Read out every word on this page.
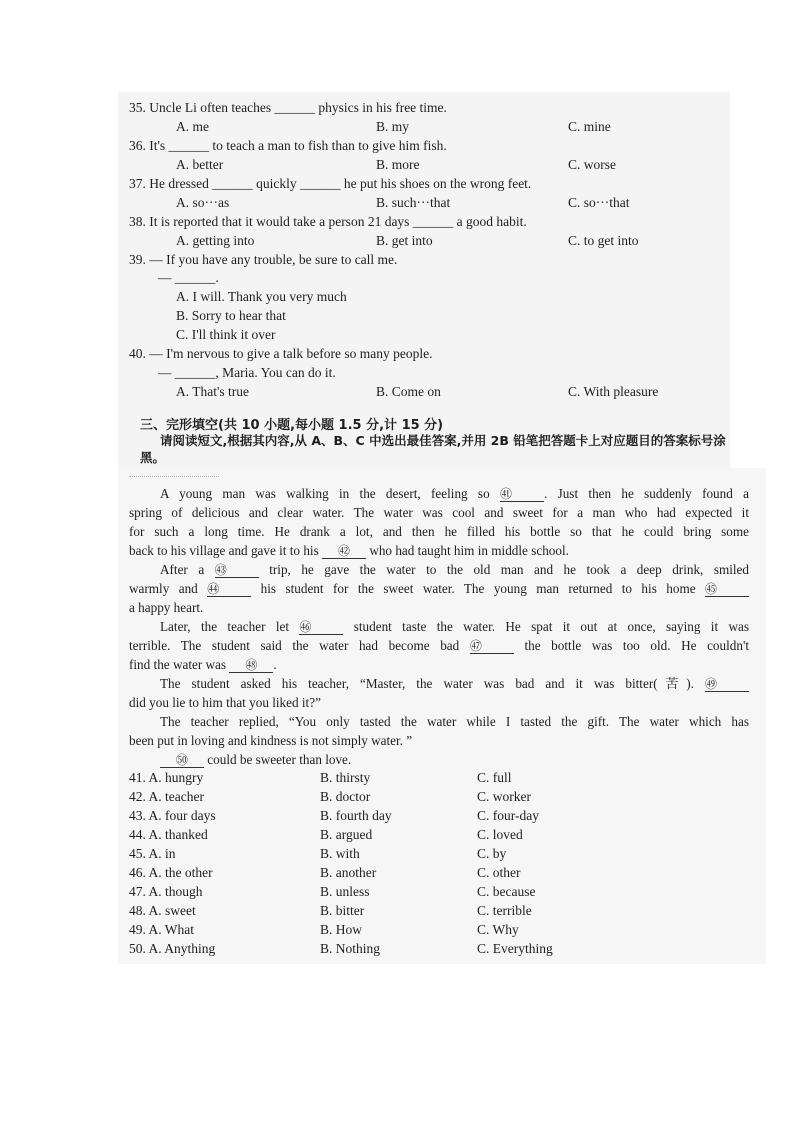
35. Uncle Li often teaches ______ physics in his free time.
A. me	B. my	C. mine
36. It's ______ to teach a man to fish than to give him fish.
A. better	B. more	C. worse
37. He dressed ______ quickly ______ he put his shoes on the wrong feet.
A. so···as	B. such···that	C. so···that
38. It is reported that it would take a person 21 days ______ a good habit.
A. getting into	B. get into	C. to get into
39. — If you have any trouble, be sure to call me.
— ______.
A. I will. Thank you very much
B. Sorry to hear that
C. I'll think it over
40. — I'm nervous to give a talk before so many people.
— ______, Maria. You can do it.
A. That's true	B. Come on	C. With pleasure
三、完形填空(共 10 小题,每小题 1.5 分,计 15 分)
请阅读短文,根据其内容,从 A、B、C 中选出最佳答案,并用 2B 铅笔把答题卡上对应题目的答案标号涂黑。
A young man was walking in the desert, feeling so ㊶ . Just then he suddenly found a
spring of delicious and clear water. The water was cool and sweet for a man who had expected it
for such a long time. He drank a lot, and then he filled his bottle so that he could bring some
back to his village and gave it to his ㊷ who had taught him in middle school.
After a ㊸	trip, he gave the water to the old man and he took a deep drink, smiled
warmly and ㊹	his student for the sweet water. The young man returned to his home ㊺
a happy heart.
Later, the teacher let ㊻	student taste the water. He spat it out at once, saying it was
terrible. The student said the water had become bad ㊼	the bottle was too old. He couldn't
find the water was ㊽ .
The student asked his teacher, “Master, the water was bad and it was bitter(苦). ㊾
did you lie to him that you liked it?”
The teacher replied, “You only tasted the water while I tasted the gift. The water which has
been put in loving and kindness is not simply water. ”
㊿ could be sweeter than love.
41. A. hungry	B. thirsty	C. full
42. A. teacher	B. doctor	C. worker
43. A. four days	B. fourth day	C. four-day
44. A. thanked	B. argued	C. loved
45. A. in	B. with	C. by
46. A. the other	B. another	C. other
47. A. though	B. unless	C. because
48. A. sweet	B. bitter	C. terrible
49. A. What	B. How	C. Why
50. A. Anything	B. Nothing	C. Everything
